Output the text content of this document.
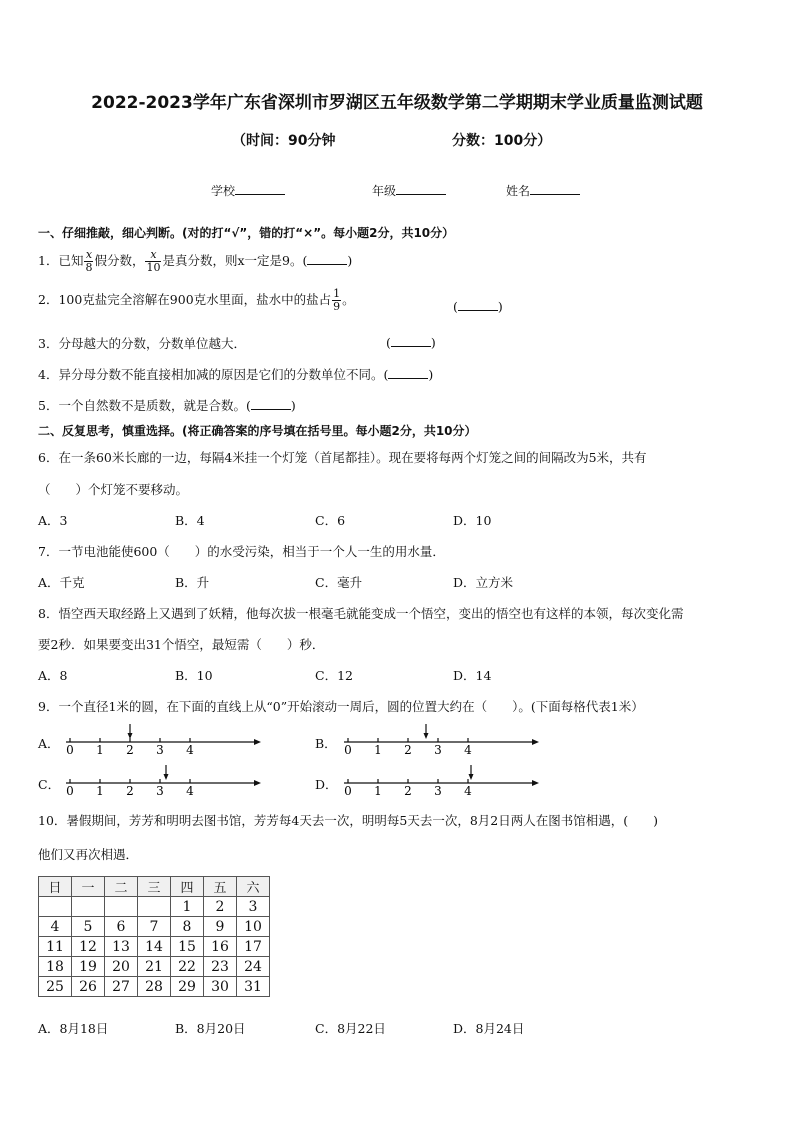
2022-2023学年广东省深圳市罗湖区五年级数学第二学期期末学业质量监测试题
（时间：90分钟	分数：100分）
学校	年级	姓名
一、仔细推敲，细心判断。(对的打“√”，错的打“×”。每小题2分，共10分）
1．已知 $\frac{x}{8}$ 假分数， $\frac{x}{10}$ 是真分数，则x一定是9。(	)
2．100克盐完全溶解在900克水里面，盐水中的盐占 $\frac{1}{9}$ 。	(	)
3．分母越大的分数，分数单位越大．	(	)
4．异分母分数不能直接相加减的原因是它们的分数单位不同。(	)
5．一个自然数不是质数，就是合数。(	)
二、反复思考，慎重选择。(将正确答案的序号填在括号里。每小题2分，共10分）
6．在一条60米长廊的一边，每隔4米挂一个灯笼（首尾都挂）。现在要将每两个灯笼之间的间隔改为5米，共有
（　　）个灯笼不要移动。
A．3	B．4	C．6	D．10
7．一节电池能使600（　　）的水受污染，相当于一个人一生的用水量．
A．千克	B．升	C．毫升	D．立方米
8．悟空西天取经路上又遇到了妖精，他每次拔一根毫毛就能变成一个悟空，变出的悟空也有这样的本领，每次变化需
要2秒．如果要变出31个悟空，最短需（　　）秒．
A．8	B．10	C．12	D．14
9．一个直径1米的圆，在下面的直线上从“0”开始滚动一周后，圆的位置大约在（　　）。(下面每格代表1米）
A．	B．
C．	D．
0 1 2 3 4	0 1 2 3 4
0 1 2 3 4	0 1 2 3 4
10．暑假期间，芳芳和明明去图书馆，芳芳每4天去一次，明明每5天去一次，8月2日两人在图书馆相遇，(　　)
他们又再次相遇．
日	一	二	三	四	五	六
				1	2	3
4	5	6	7	8	9	10
11	12	13	14	15	16	17
18	19	20	21	22	23	24
25	26	27	28	29	30	31
A．8月18日	B．8月20日	C．8月22日	D．8月24日
